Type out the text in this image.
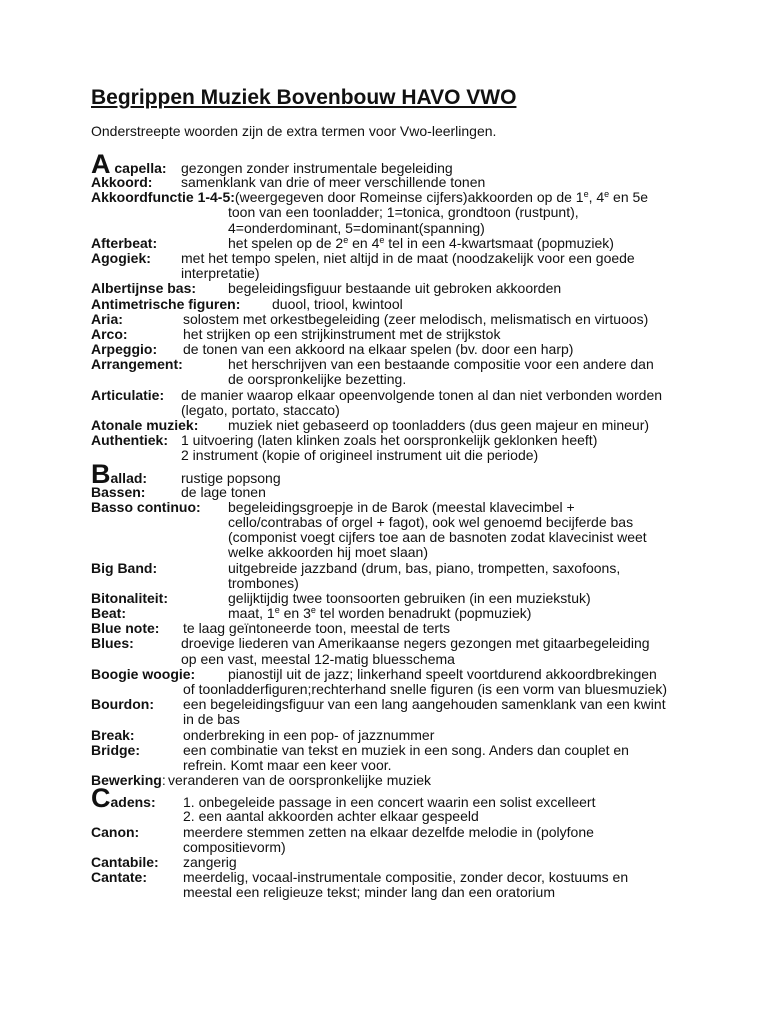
Begrippen Muziek Bovenbouw HAVO VWO
Onderstreepte woorden zijn de extra termen voor Vwo-leerlingen.
A capella: gezongen zonder instrumentale begeleiding
Akkoord: samenklank van drie of meer verschillende tonen
Akkoordfunctie 1-4-5:(weergegeven door Romeinse cijfers)akkoorden op de 1e, 4e en 5e
toon van een toonladder; 1=tonica, grondtoon (rustpunt),
4=onderdominant, 5=dominant(spanning)
Afterbeat:	het spelen op de 2e en 4e tel in een 4-kwartsmaat (popmuziek)
Agogiek: met het tempo spelen, niet altijd in de maat (noodzakelijk voor een goede
interpretatie)
Albertijnse bas: begeleidingsfiguur bestaande uit gebroken akkoorden
Antimetrische figuren: duool, triool, kwintool
Aria:	solostem met orkestbegeleiding (zeer melodisch, melismatisch en virtuoos)
Arco:	het strijken op een strijkinstrument met de strijkstok
Arpeggio: de tonen van een akkoord na elkaar spelen (bv. door een harp)
Arrangement:	het herschrijven van een bestaande compositie voor een andere dan
de oorspronkelijke bezetting.
Articulatie: de manier waarop elkaar opeenvolgende tonen al dan niet verbonden worden
(legato, portato, staccato)
Atonale muziek: muziek niet gebaseerd op toonladders (dus geen majeur en mineur)
Authentiek: 1 uitvoering (laten klinken zoals het oorspronkelijk geklonken heeft)
2 instrument (kopie of origineel instrument uit die periode)
Ballad: rustige popsong
Bassen:	de lage tonen
Basso continuo: begeleidingsgroepje in de Barok (meestal klavecimbel +
cello/contrabas of orgel + fagot), ook wel genoemd becijferde bas
(componist voegt cijfers toe aan de basnoten zodat klavecinist weet
welke akkoorden hij moet slaan)
Big Band:	uitgebreide jazzband (drum, bas, piano, trompetten, saxofoons,
trombones)
Bitonaliteit:	gelijktijdig twee toonsoorten gebruiken (in een muziekstuk)
Beat:	maat, 1e en 3e tel worden benadrukt (popmuziek)
Blue note: te laag geïntoneerde toon, meestal de terts
Blues:	droevige liederen van Amerikaanse negers gezongen met gitaarbegeleiding
op een vast, meestal 12-matig bluesschema
Boogie woogie: pianostijl uit de jazz; linkerhand speelt voortdurend akkoordbrekingen
of toonladderfiguren;rechterhand snelle figuren (is een vorm van bluesmuziek)
Bourdon: een begeleidingsfiguur van een lang aangehouden samenklank van een kwint
in de bas
Break:	onderbreking in een pop- of jazznummer
Bridge:	een combinatie van tekst en muziek in een song. Anders dan couplet en
refrein. Komt maar een keer voor.
Bewerking: veranderen van de oorspronkelijke muziek
Cadens: 1. onbegeleide passage in een concert waarin een solist excelleert
2. een aantal akkoorden achter elkaar gespeeld
Canon:	meerdere stemmen zetten na elkaar dezelfde melodie in (polyfone
compositievorm)
Cantabile: zangerig
Cantate:	meerdelig, vocaal-instrumentale compositie, zonder decor, kostuums en
meestal een religieuze tekst; minder lang dan een oratorium
